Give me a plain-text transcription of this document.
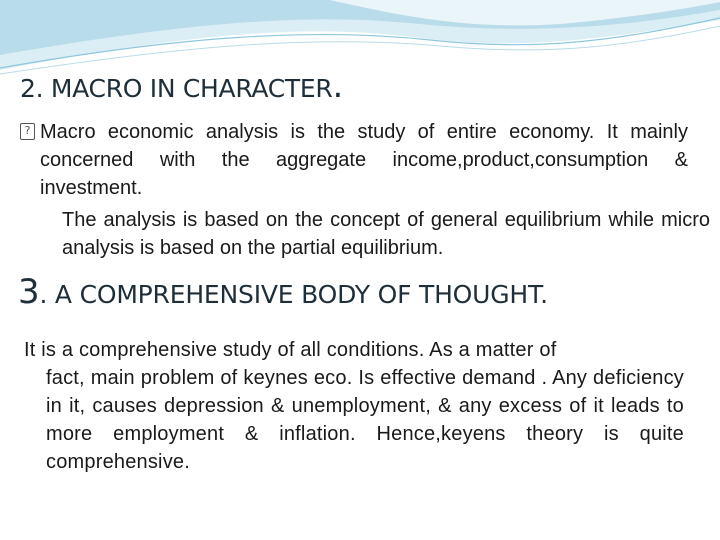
2. MACRO IN CHARACTER.
? Macro economic analysis is the study of entire economy. It mainly concerned with the aggregate income,product,consumption & investment.

The analysis is based on the concept of general equilibrium while micro analysis is based on the partial equilibrium.

3. A COMPREHENSIVE BODY OF THOUGHT.
It is a comprehensive study of all conditions. As a matter of
fact, main problem of keynes eco. Is effective demand . Any deficiency in it, causes depression & unemployment, & any excess of it leads to more employment & inflation. Hence,keyens theory is quite comprehensive.
